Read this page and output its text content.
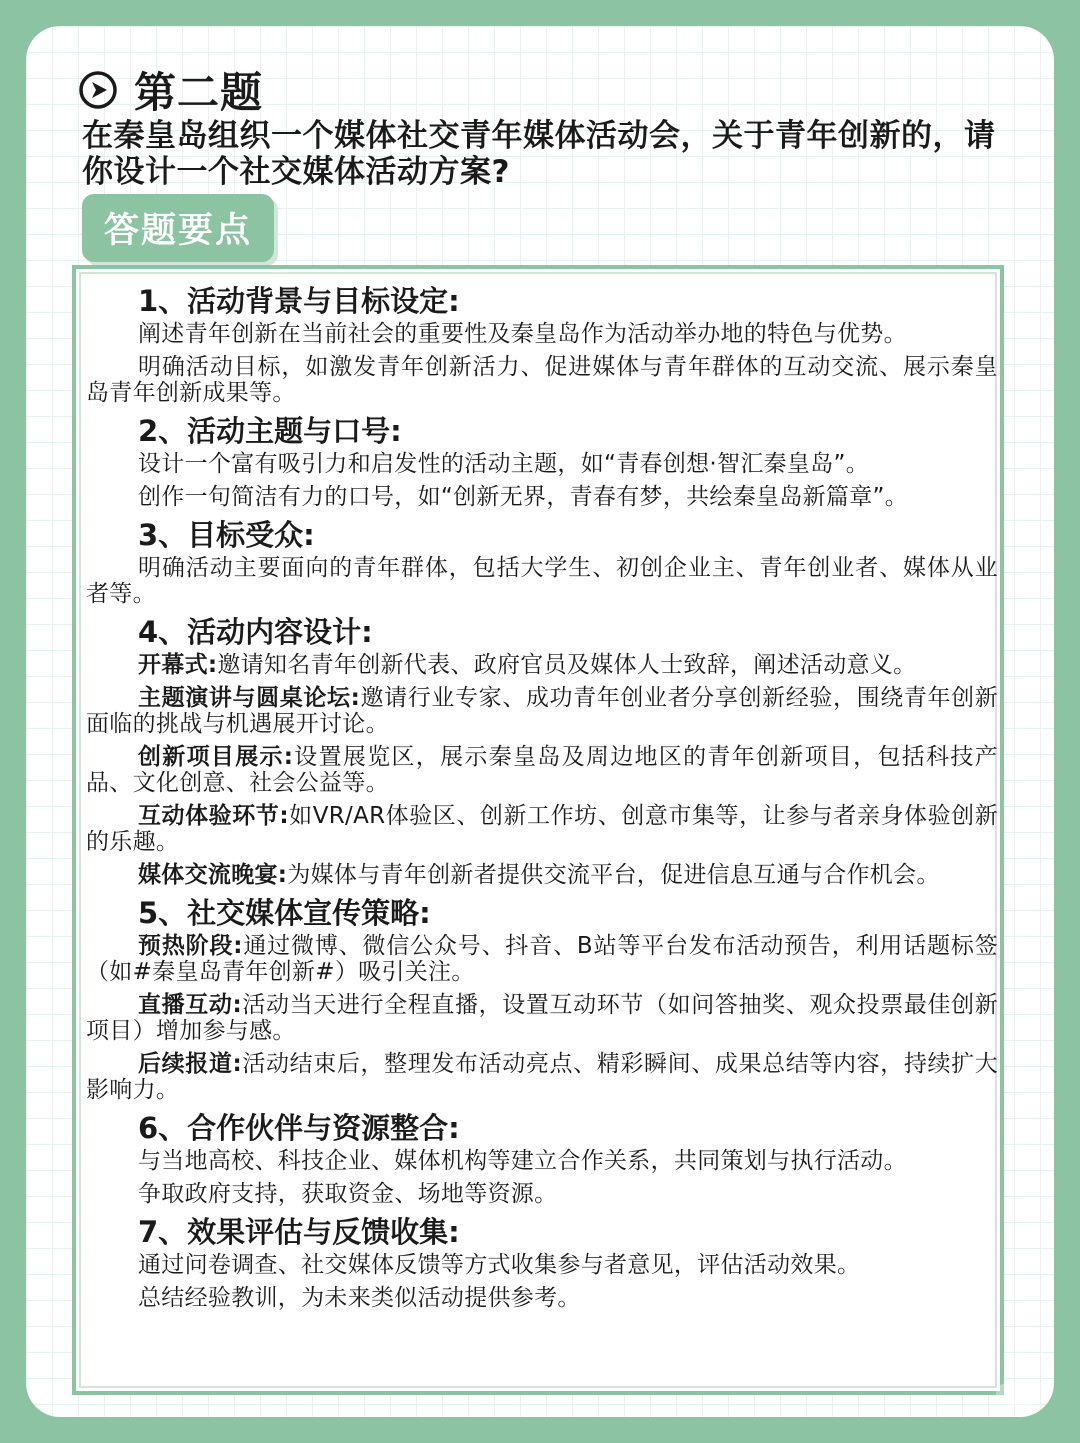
第二题
在秦皇岛组织一个媒体社交青年媒体活动会，关于青年创新的，请你设计一个社交媒体活动方案?
答题要点
1、活动背景与目标设定:
阐述青年创新在当前社会的重要性及秦皇岛作为活动举办地的特色与优势。
明确活动目标，如激发青年创新活力、促进媒体与青年群体的互动交流、展示秦皇岛青年创新成果等。
2、活动主题与口号:
设计一个富有吸引力和启发性的活动主题，如“青春创想·智汇秦皇岛”。
创作一句简洁有力的口号，如“创新无界，青春有梦，共绘秦皇岛新篇章”。
3、目标受众:
明确活动主要面向的青年群体，包括大学生、初创企业主、青年创业者、媒体从业者等。
4、活动内容设计:
开幕式:邀请知名青年创新代表、政府官员及媒体人士致辞，阐述活动意义。
主题演讲与圆桌论坛:邀请行业专家、成功青年创业者分享创新经验，围绕青年创新面临的挑战与机遇展开讨论。
创新项目展示:设置展览区，展示秦皇岛及周边地区的青年创新项目，包括科技产品、文化创意、社会公益等。
互动体验环节:如VR/AR体验区、创新工作坊、创意市集等，让参与者亲身体验创新的乐趣。
媒体交流晚宴:为媒体与青年创新者提供交流平台，促进信息互通与合作机会。
5、社交媒体宣传策略:
预热阶段:通过微博、微信公众号、抖音、B站等平台发布活动预告，利用话题标签（如#秦皇岛青年创新#）吸引关注。
直播互动:活动当天进行全程直播，设置互动环节（如问答抽奖、观众投票最佳创新项目）增加参与感。
后续报道:活动结束后，整理发布活动亮点、精彩瞬间、成果总结等内容，持续扩大影响力。
6、合作伙伴与资源整合:
与当地高校、科技企业、媒体机构等建立合作关系，共同策划与执行活动。
争取政府支持，获取资金、场地等资源。
7、效果评估与反馈收集:
通过问卷调查、社交媒体反馈等方式收集参与者意见，评估活动效果。
总结经验教训，为未来类似活动提供参考。
